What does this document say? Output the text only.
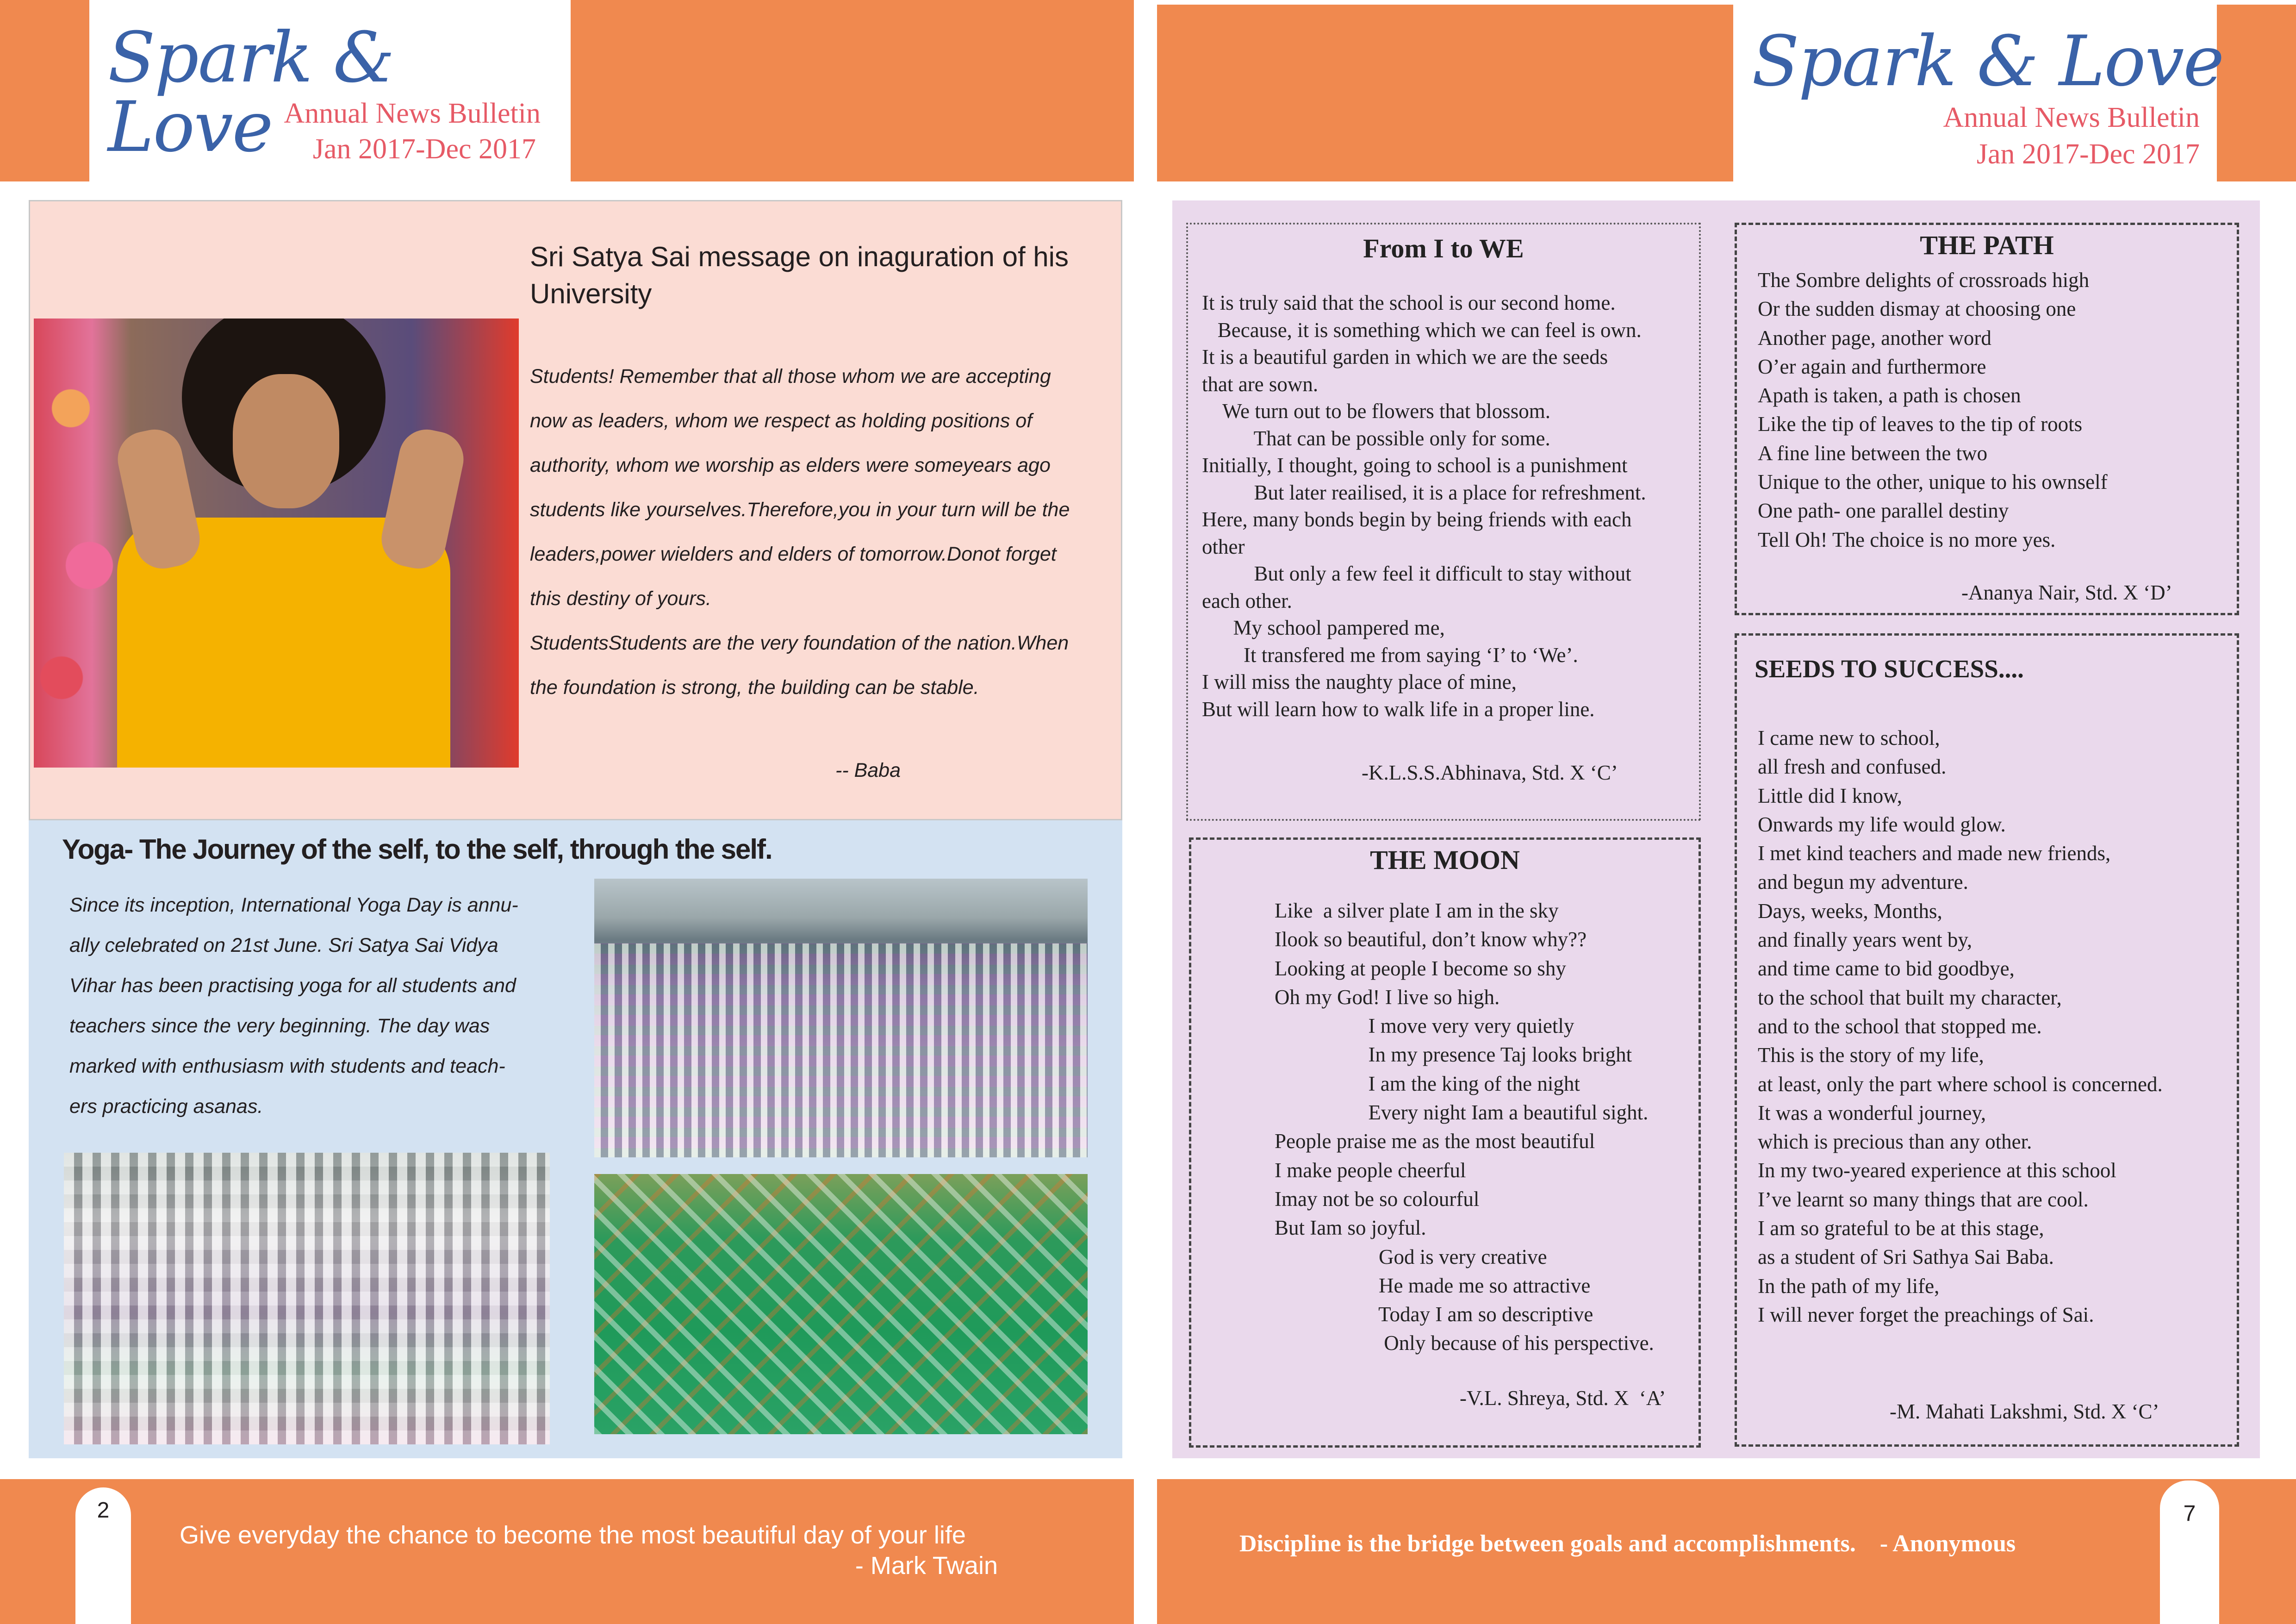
Spark & Love Annual News Bulletin
Jan 2017-Dec 2017
Sri Satya Sai message on inaguration of his University
Students! Remember that all those whom we are accepting
now as leaders, whom we respect as holding positions of
authority, whom we worship as elders were someyears ago
students like yourselves.Therefore,you in your turn will be the
leaders,power wielders and elders of tomorrow.Donot forget
this destiny of yours.
StudentsStudents are the very foundation of the nation.When
the foundation is strong, the building can be stable.
-- Baba
Yoga- The Journey of the self, to the self, through the self.
Since its inception, International Yoga Day is annu-
ally celebrated on 21st June. Sri Satya Sai Vidya
Vihar has been practising yoga for all students and
teachers since the very beginning. The day was
marked with enthusiasm with students and teach-
ers practicing asanas.
2
Give everyday the chance to become the most beautiful day of your life
- Mark Twain
Spark & Love
Annual News Bulletin
Jan 2017-Dec 2017
From I to WE
It is truly said that the school is our second home.
Because, it is something which we can feel is own.
It is a beautiful garden in which we are the seeds
that are sown.
We turn out to be flowers that blossom.
That can be possible only for some.
Initially, I thought, going to school is a punishment
But later reailised, it is a place for refreshment.
Here, many bonds begin by being friends with each
other
But only a few feel it difficult to stay without
each other.
My school pampered me,
It transfered me from saying ‘I’ to ‘We’.
I will miss the naughty place of mine,
But will learn how to walk life in a proper line.
-K.L.S.S.Abhinava, Std. X ‘C’
THE MOON
Like  a silver plate I am in the sky
Ilook so beautiful, don’t know why??
Looking at people I become so shy
Oh my God! I live so high.
I move very very quietly
In my presence Taj looks bright
I am the king of the night
Every night Iam a beautiful sight.
People praise me as the most beautiful
I make people cheerful
Imay not be so colourful
But Iam so joyful.
God is very creative
He made me so attractive
Today I am so descriptive
Only because of his perspective.
-V.L. Shreya, Std. X  ‘A’
THE PATH
The Sombre delights of crossroads high
Or the sudden dismay at choosing one
Another page, another word
O’er again and furthermore
Apath is taken, a path is chosen
Like the tip of leaves to the tip of roots
A fine line between the two
Unique to the other, unique to his ownself
One path- one parallel destiny
Tell Oh! The choice is no more yes.
-Ananya Nair, Std. X ‘D’
SEEDS TO SUCCESS....
I came new to school,
all fresh and confused.
Little did I know,
Onwards my life would glow.
I met kind teachers and made new friends,
and begun my adventure.
Days, weeks, Months,
and finally years went by,
and time came to bid goodbye,
to the school that built my character,
and to the school that stopped me.
This is the story of my life,
at least, only the part where school is concerned.
It was a wonderful journey,
which is precious than any other.
In my two-yeared experience at this school
I’ve learnt so many things that are cool.
I am so grateful to be at this stage,
as a student of Sri Sathya Sai Baba.
In the path of my life,
I will never forget the preachings of Sai.
-M. Mahati Lakshmi, Std. X ‘C’
Discipline is the bridge between goals and accomplishments.    - Anonymous
7
